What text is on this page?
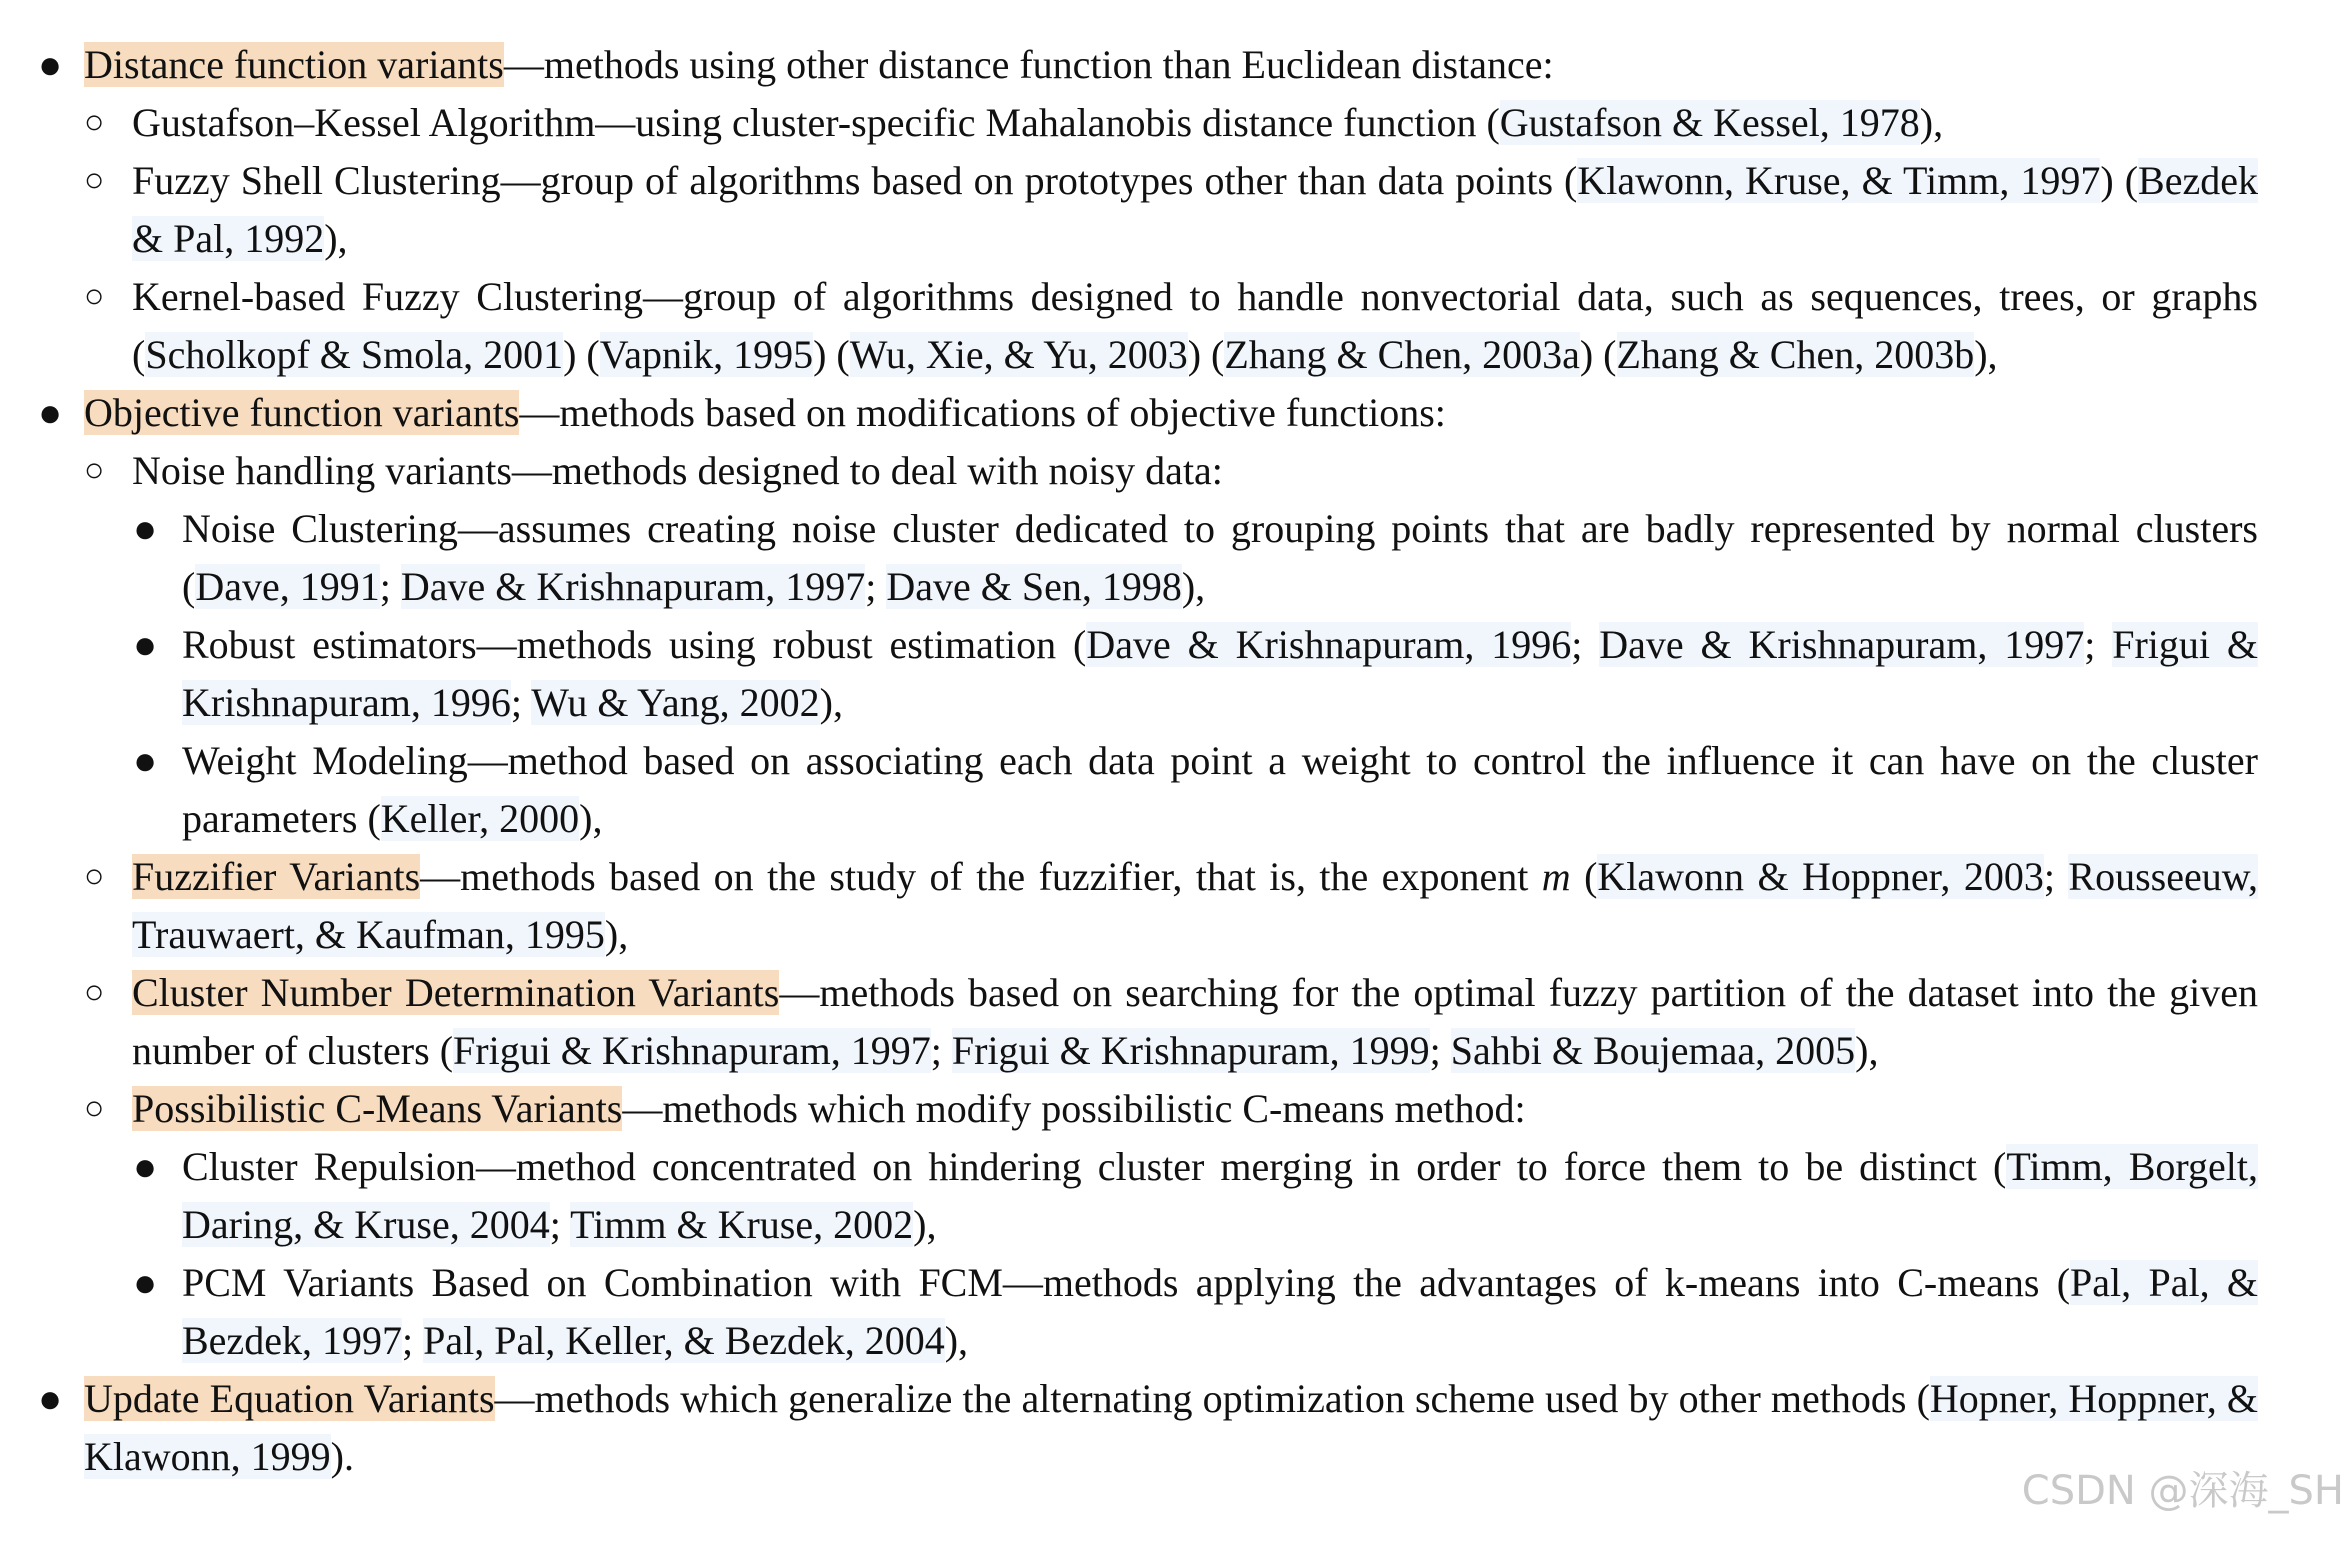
● Distance function variants—methods using other distance function than Euclidean distance:

○ Gustafson–Kessel Algorithm—using cluster-specific Mahalanobis distance function (Gustafson & Kessel, 1978),

○ Fuzzy Shell Clustering—group of algorithms based on prototypes other than data points (Klawonn, Kruse, & Timm, 1997) (Bezdek & Pal, 1992),

○ Kernel-based Fuzzy Clustering—group of algorithms designed to handle nonvectorial data, such as sequences, trees, or graphs (Scholkopf & Smola, 2001) (Vapnik, 1995) (Wu, Xie, & Yu, 2003) (Zhang & Chen, 2003a) (Zhang & Chen, 2003b),

● Objective function variants—methods based on modifications of objective functions:

○ Noise handling variants—methods designed to deal with noisy data:

● Noise Clustering—assumes creating noise cluster dedicated to grouping points that are badly represented by normal clusters (Dave, 1991; Dave & Krishnapuram, 1997; Dave & Sen, 1998),

● Robust estimators—methods using robust estimation (Dave & Krishnapuram, 1996; Dave & Krishnapuram, 1997; Frigui & Krishnapuram, 1996; Wu & Yang, 2002),

● Weight Modeling—method based on associating each data point a weight to control the influence it can have on the cluster parameters (Keller, 2000),

○ Fuzzifier Variants—methods based on the study of the fuzzifier, that is, the exponent m (Klawonn & Hoppner, 2003; Rousseeuw, Trauwaert, & Kaufman, 1995),

○ Cluster Number Determination Variants—methods based on searching for the optimal fuzzy partition of the dataset into the given number of clusters (Frigui & Krishnapuram, 1997; Frigui & Krishnapuram, 1999; Sahbi & Boujemaa, 2005),

○ Possibilistic C-Means Variants—methods which modify possibilistic C-means method:

● Cluster Repulsion—method concentrated on hindering cluster merging in order to force them to be distinct (Timm, Borgelt, Daring, & Kruse, 2004; Timm & Kruse, 2002),

● PCM Variants Based on Combination with FCM—methods applying the advantages of k-means into C-means (Pal, Pal, & Bezdek, 1997; Pal, Pal, Keller, & Bezdek, 2004),

● Update Equation Variants—methods which generalize the alternating optimization scheme used by other methods (Hopner, Hoppner, & Klawonn, 1999).

CSDN @深海_SH
